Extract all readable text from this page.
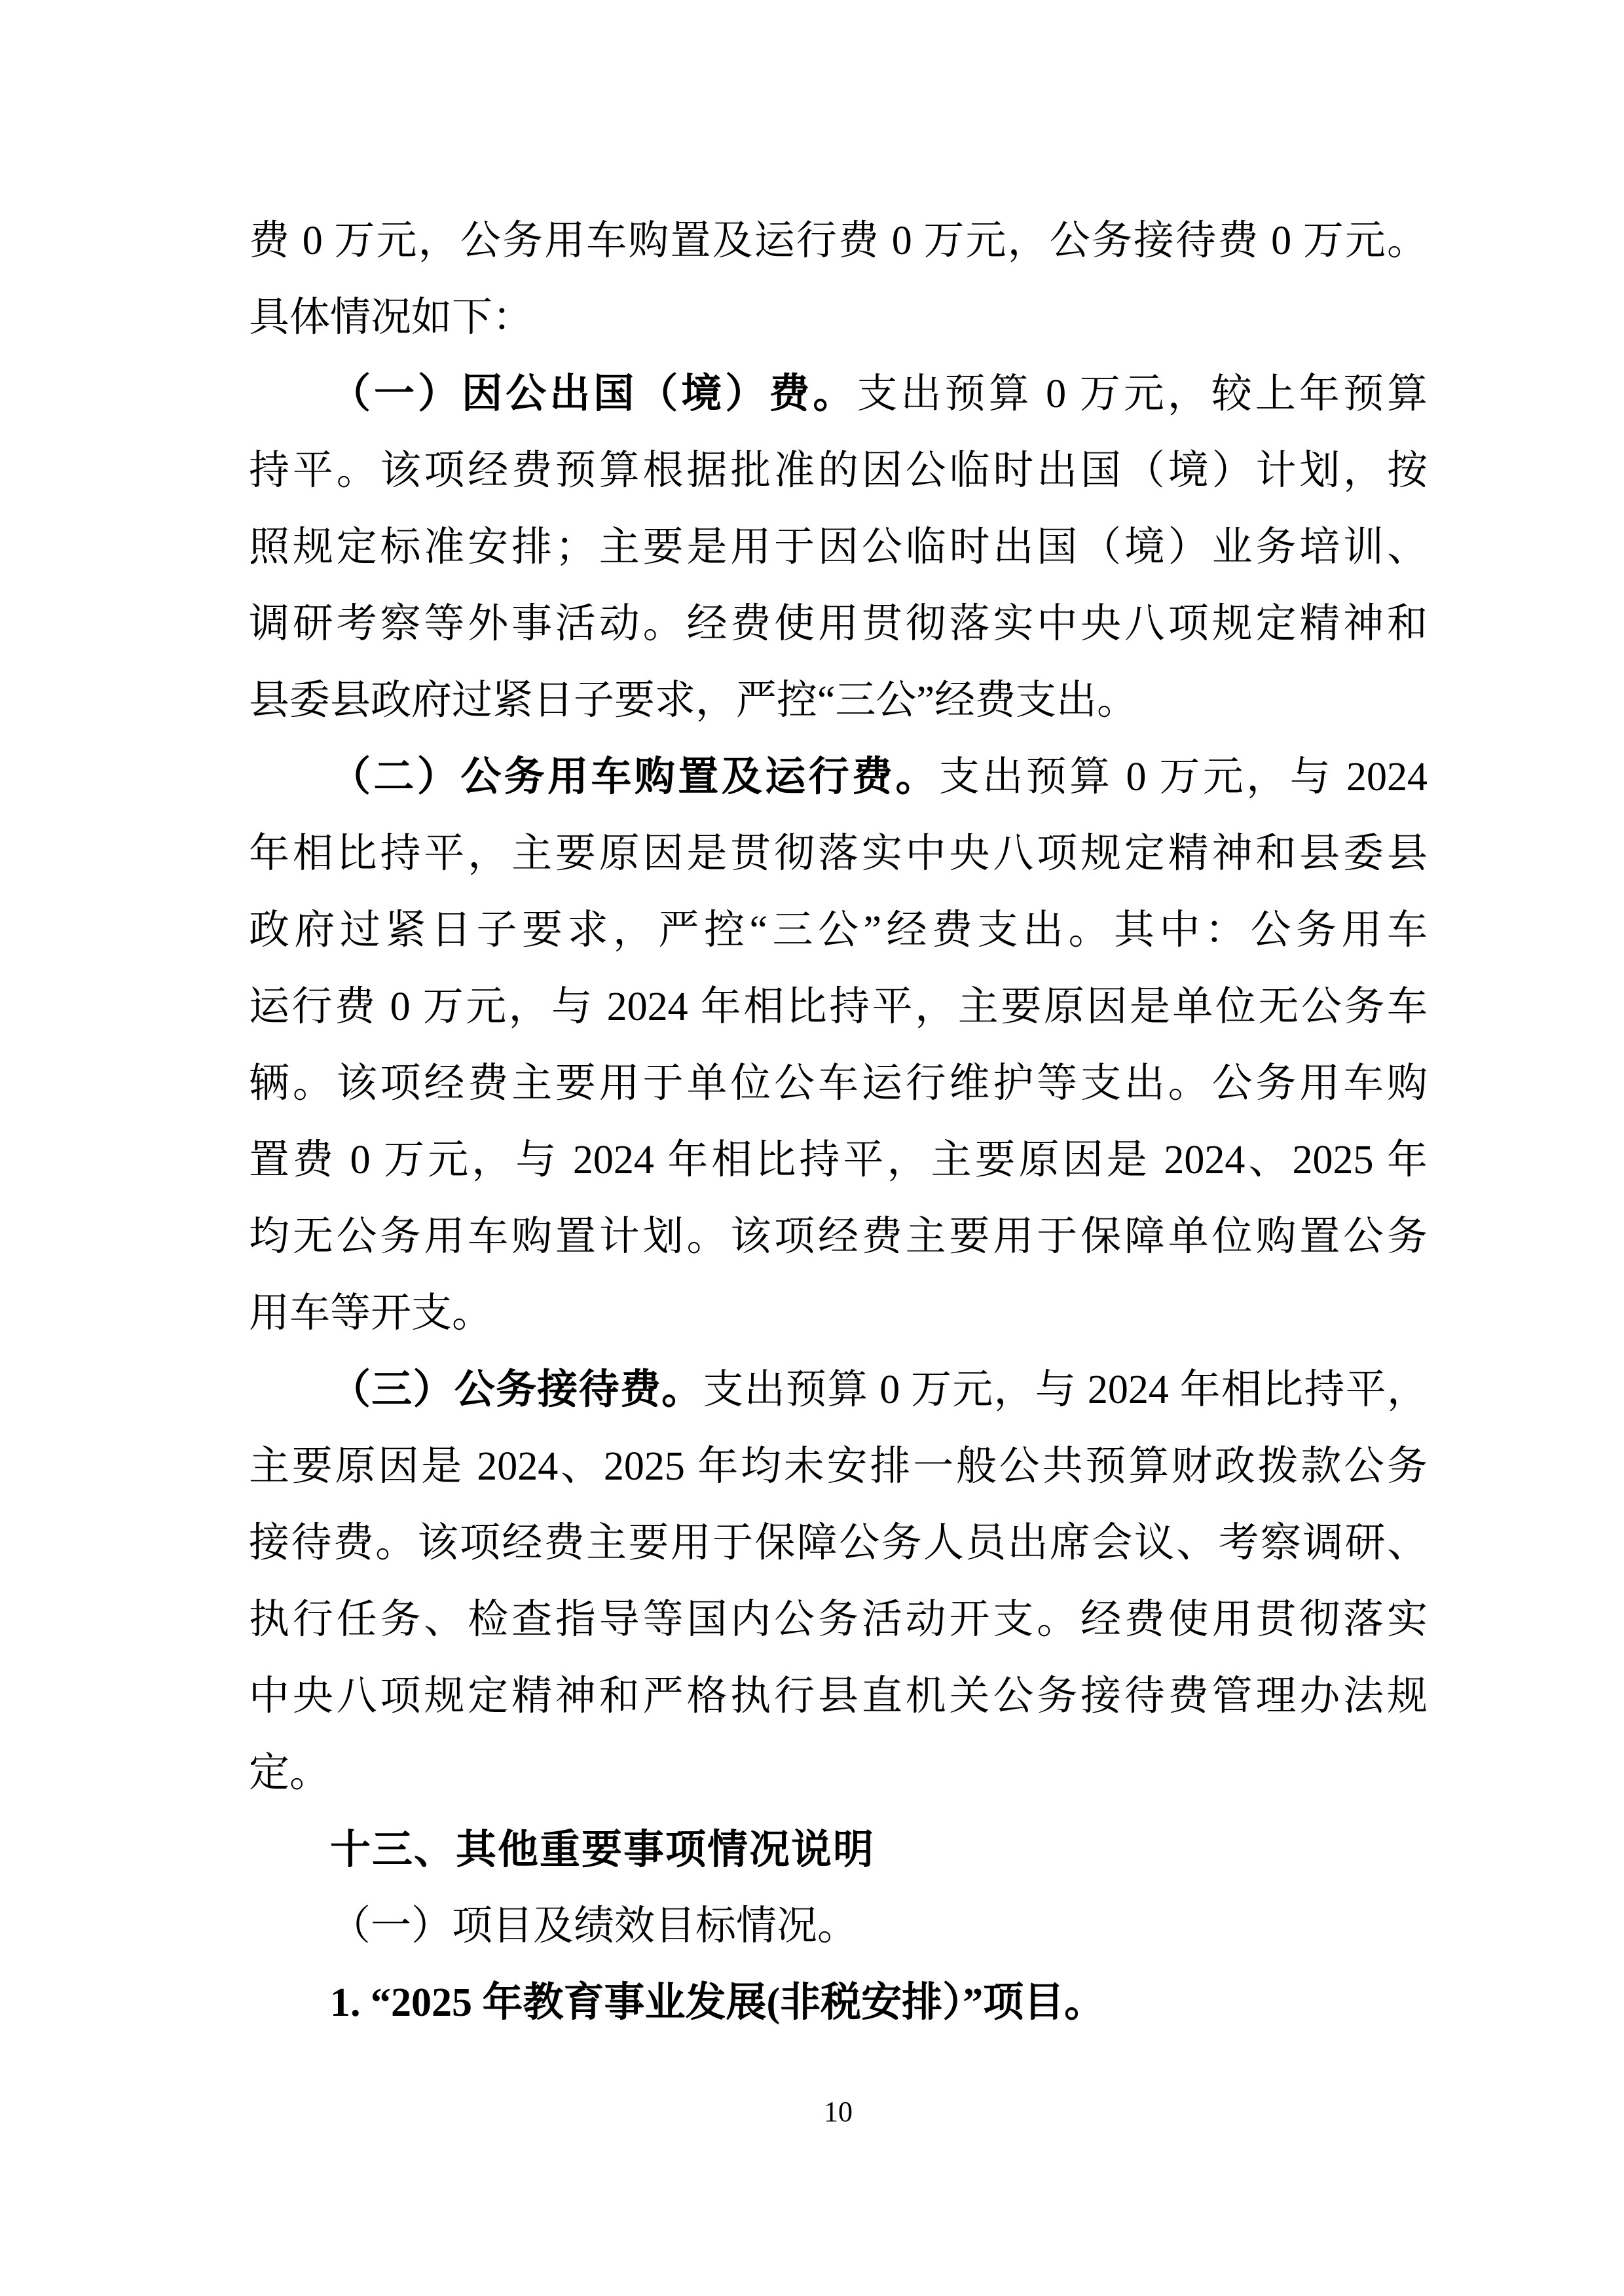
费 0 万元，公务用车购置及运行费 0 万元，公务接待费 0 万元。
具体情况如下：
（一）因公出国（境）费。支出预算 0 万元，较上年预算
持平。该项经费预算根据批准的因公临时出国（境）计划，按
照规定标准安排；主要是用于因公临时出国（境）业务培训、
调研考察等外事活动。经费使用贯彻落实中央八项规定精神和
县委县政府过紧日子要求，严控“三公”经费支出。
（二）公务用车购置及运行费。支出预算 0 万元，与 2024
年相比持平，主要原因是贯彻落实中央八项规定精神和县委县
政府过紧日子要求，严控“三公”经费支出。其中：公务用车
运行费 0 万元，与 2024 年相比持平，主要原因是单位无公务车
辆。该项经费主要用于单位公车运行维护等支出。公务用车购
置费 0 万元，与 2024 年相比持平，主要原因是 2024、2025 年
均无公务用车购置计划。该项经费主要用于保障单位购置公务
用车等开支。
（三）公务接待费。支出预算 0 万元，与 2024 年相比持平，
主要原因是 2024、2025 年均未安排一般公共预算财政拨款公务
接待费。该项经费主要用于保障公务人员出席会议、考察调研、
执行任务、检查指导等国内公务活动开支。经费使用贯彻落实
中央八项规定精神和严格执行县直机关公务接待费管理办法规
定。
十三、其他重要事项情况说明
（一）项目及绩效目标情况。
1. “2025 年教育事业发展(非税安排）”项目。
10
